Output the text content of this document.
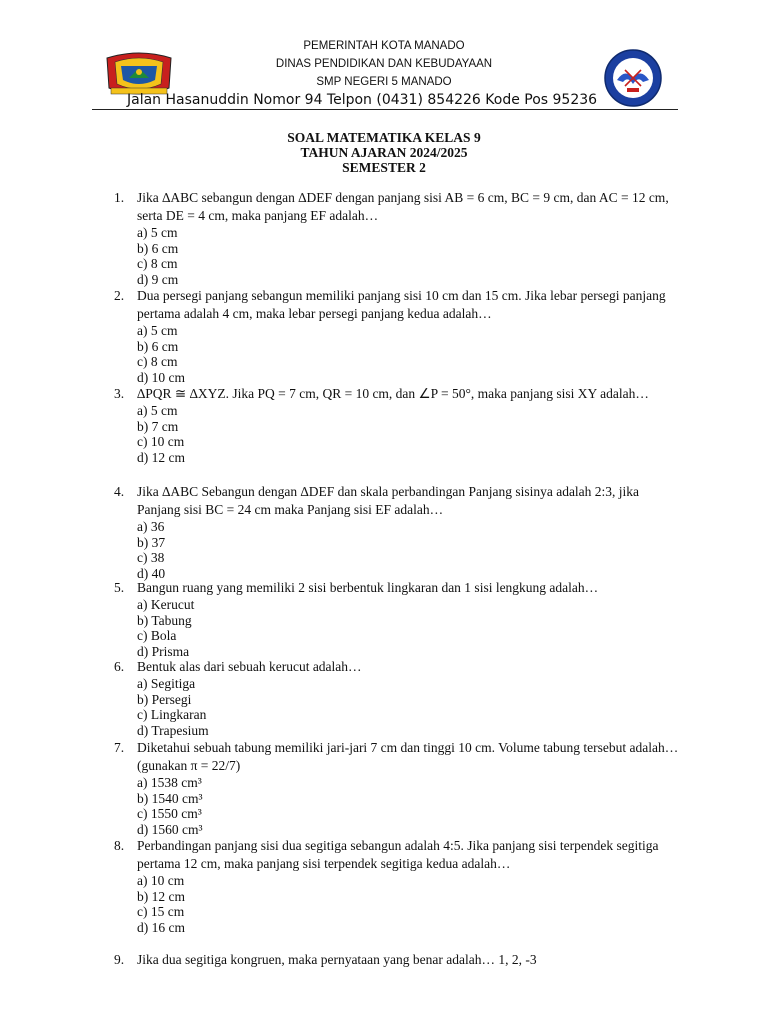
PEMERINTAH KOTA MANADO
DINAS PENDIDIKAN DAN KEBUDAYAAN
SMP NEGERI 5 MANADO
Jalan Hasanuddin Nomor 94 Telpon (0431) 854226 Kode Pos 95236
SOAL MATEMATIKA KELAS 9
TAHUN AJARAN 2024/2025
SEMESTER 2
1. Jika ∆ABC sebangun dengan ∆DEF dengan panjang sisi AB = 6 cm, BC = 9 cm, dan AC = 12 cm, serta DE = 4 cm, maka panjang EF adalah…
a) 5 cm
b) 6 cm
c) 8 cm
d) 9 cm
2. Dua persegi panjang sebangun memiliki panjang sisi 10 cm dan 15 cm. Jika lebar persegi panjang pertama adalah 4 cm, maka lebar persegi panjang kedua adalah…
a) 5 cm
b) 6 cm
c) 8 cm
d) 10 cm
3. ∆PQR ≅ ∆XYZ. Jika PQ = 7 cm, QR = 10 cm, dan ∠P = 50°, maka panjang sisi XY adalah…
a) 5 cm
b) 7 cm
c) 10 cm
d) 12 cm
4. Jika ∆ABC Sebangun dengan ∆DEF dan skala perbandingan Panjang sisinya adalah 2:3, jika Panjang sisi BC = 24 cm maka Panjang sisi EF adalah…
a) 36
b) 37
c) 38
d) 40
5. Bangun ruang yang memiliki 2 sisi berbentuk lingkaran dan 1 sisi lengkung adalah…
a) Kerucut
b) Tabung
c) Bola
d) Prisma
6. Bentuk alas dari sebuah kerucut adalah…
a) Segitiga
b) Persegi
c) Lingkaran
d) Trapesium
7. Diketahui sebuah tabung memiliki jari-jari 7 cm dan tinggi 10 cm. Volume tabung tersebut adalah… (gunakan π = 22/7)
a) 1538 cm³
b) 1540 cm³
c) 1550 cm³
d) 1560 cm³
8. Perbandingan panjang sisi dua segitiga sebangun adalah 4:5. Jika panjang sisi terpendek segitiga pertama 12 cm, maka panjang sisi terpendek segitiga kedua adalah…
a) 10 cm
b) 12 cm
c) 15 cm
d) 16 cm
9. Jika dua segitiga kongruen, maka pernyataan yang benar adalah… 1, 2, -3
